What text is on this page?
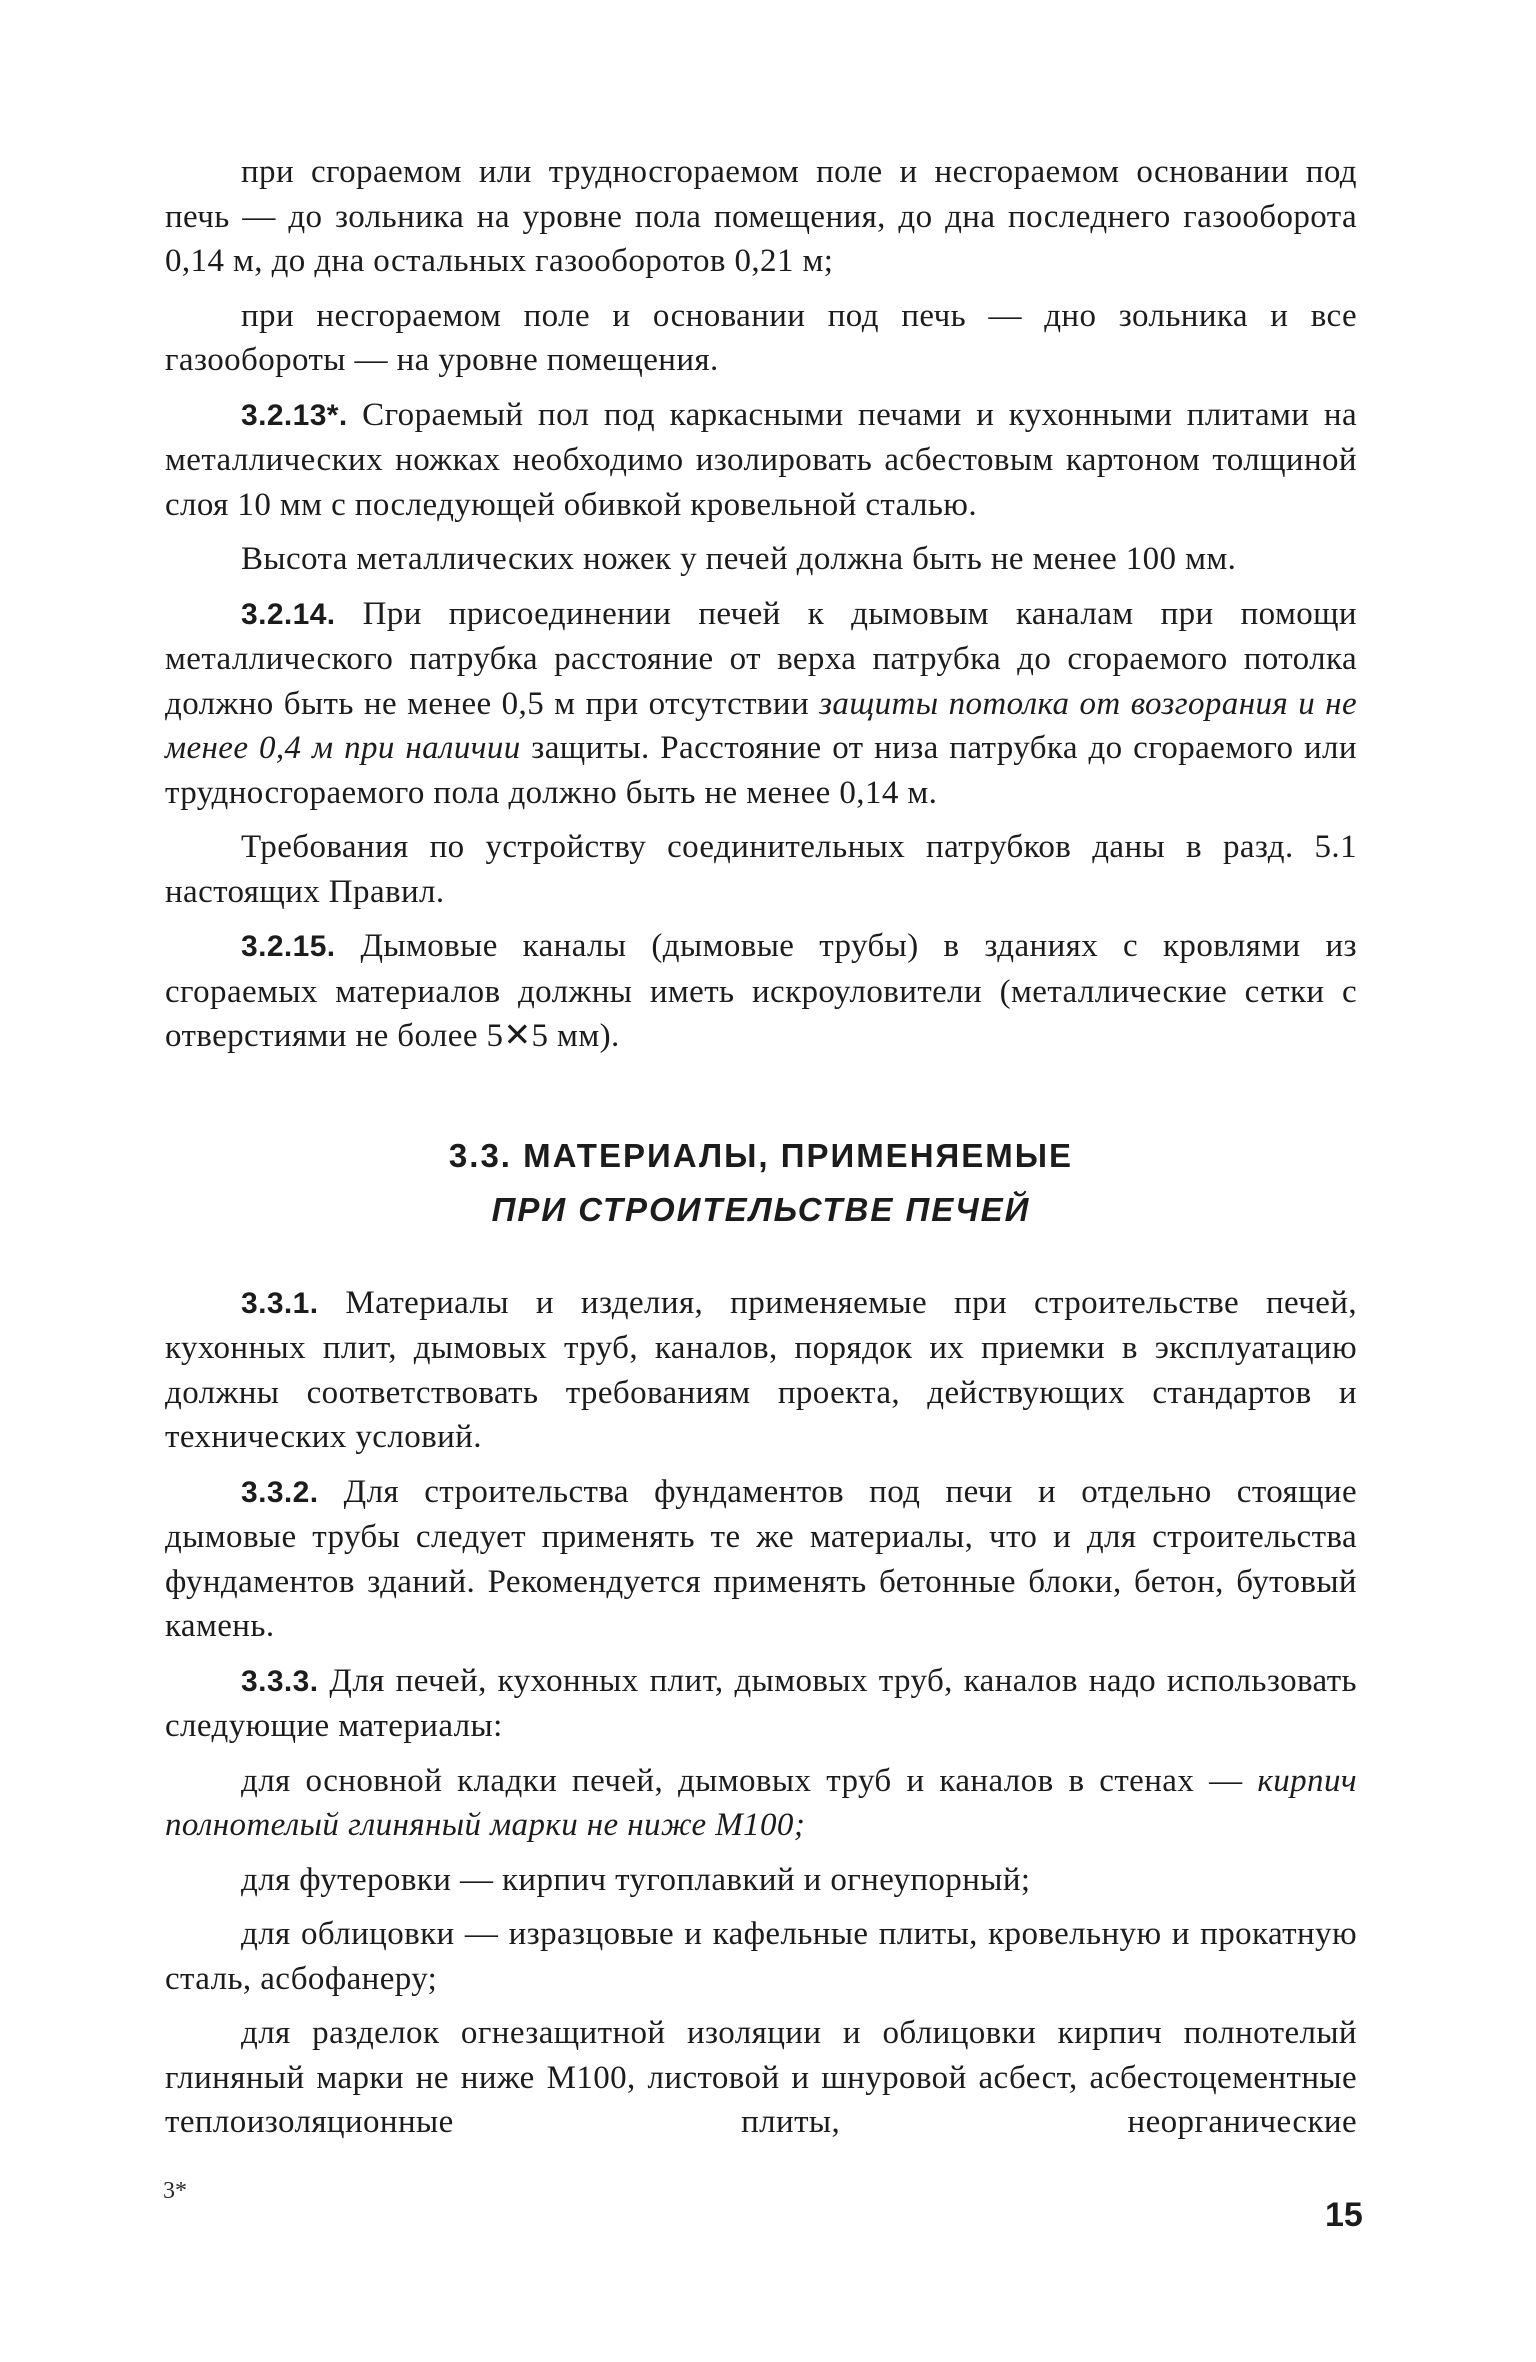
при сгораемом или трудносгораемом поле и несгораемом основании под печь — до зольника на уровне пола помещения, до дна последнего газооборота 0,14 м, до дна остальных газооборотов 0,21 м;

при несгораемом поле и основании под печь — дно зольника и все газообороты — на уровне помещения.

3.2.13*. Сгораемый пол под каркасными печами и кухонными плитами на металлических ножках необходимо изолировать асбестовым картоном толщиной слоя 10 мм с последующей обивкой кровельной сталью.

Высота металлических ножек у печей должна быть не менее 100 мм.

3.2.14. При присоединении печей к дымовым каналам при помощи металлического патрубка расстояние от верха патрубка до сгораемого потолка должно быть не менее 0,5 м при отсутствии защиты потолка от возгорания и не менее 0,4 м при наличии защиты. Расстояние от низа патрубка до сгораемого или трудносгораемого пола должно быть не менее 0,14 м.

Требования по устройству соединительных патрубков даны в разд. 5.1 настоящих Правил.

3.2.15. Дымовые каналы (дымовые трубы) в зданиях с кровлями из сгораемых материалов должны иметь искроуловители (металлические сетки с отверстиями не более 5✕5 мм).

3.3. МАТЕРИАЛЫ, ПРИМЕНЯЕМЫЕ
ПРИ СТРОИТЕЛЬСТВЕ ПЕЧЕЙ

3.3.1. Материалы и изделия, применяемые при строительстве печей, кухонных плит, дымовых труб, каналов, порядок их приемки в эксплуатацию должны соответствовать требованиям проекта, действующих стандартов и технических условий.

3.3.2. Для строительства фундаментов под печи и отдельно стоящие дымовые трубы следует применять те же материалы, что и для строительства фундаментов зданий. Рекомендуется применять бетонные блоки, бетон, бутовый камень.

3.3.3. Для печей, кухонных плит, дымовых труб, каналов надо использовать следующие материалы:

для основной кладки печей, дымовых труб и каналов в стенах — кирпич полнотелый глиняный марки не ниже М100;

для футеровки — кирпич тугоплавкий и огнеупорный;

для облицовки — изразцовые и кафельные плиты, кровельную и прокатную сталь, асбофанеру;

для разделок огнезащитной изоляции и облицовки кирпич полнотелый глиняный марки не ниже М100, листовой и шнуровой асбест, асбестоцементные теплоизоляционные плиты, неорганические

3*
15
